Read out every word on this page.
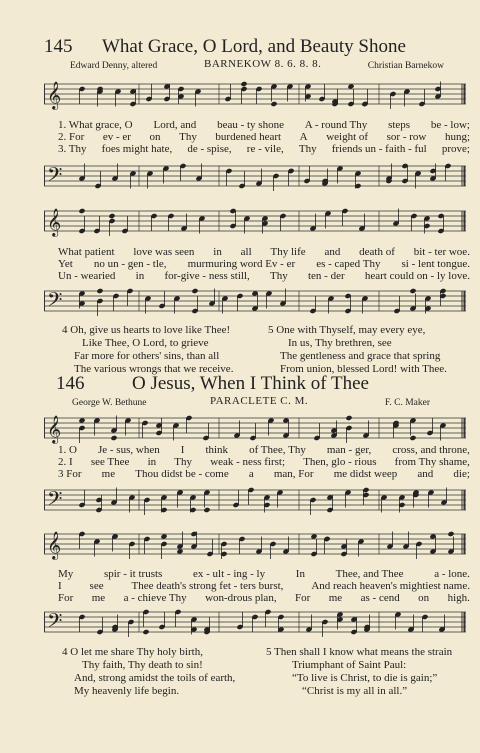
145 What Grace, O Lord, and Beauty Shone
Edward Denny, altered	BARNEKOW 8. 6. 8. 8.	Christian Barnekow
𝄞
1. What grace, O Lord, and beau - ty shone A - round Thy steps be - low;
2. For ev - er on Thy burdened heart A weight of sor - row hung;
3. Thy foes might hate, de - spise, re - vile, Thy friends un - faith - ful prove;
𝄢
𝄞
What patient love was seen in all Thy life and death of bit - ter woe.
Yet no un - gen - tle, murmuring word Ev - er es - caped Thy si - lent tongue.
Un - wearied in for-give - ness still, Thy ten - der heart could on - ly love.
𝄢
4 Oh, give us hearts to love like Thee!
Like Thee, O Lord, to grieve
Far more for others' sins, than all
The various wrongs that we receive.
5 One with Thyself, may every eye,
In us, Thy brethren, see
The gentleness and grace that spring
From union, blessed Lord! with Thee.
146	O Jesus, When I Think of Thee
George W. Bethune	PARACLETE C. M.	F. C. Maker
𝄞
1. O Je - sus, when I think of Thee, Thy man - ger, cross, and throne,
2. I see Thee in Thy weak - ness first; Then, glo - rious from Thy shame,
3 For me Thou didst be - come a man, For me didst weep and die;
𝄢
𝄞
My	spir - it trusts	ex - ult - ing - ly	In	Thee, and Thee	a - lone.
I	see	Thee death's strong fet - ters burst,	And reach heaven's mightiest name.
For me a - chieve Thy won-drous plan, For me as - cend on high.
𝄢
4 O let me share Thy holy birth,
Thy faith, Thy death to sin!
And, strong amidst the toils of earth,
My heavenly life begin.
5 Then shall I know what means the strain
Triumphant of Saint Paul:
“To live is Christ, to die is gain;”
“Christ is my all in all.”
